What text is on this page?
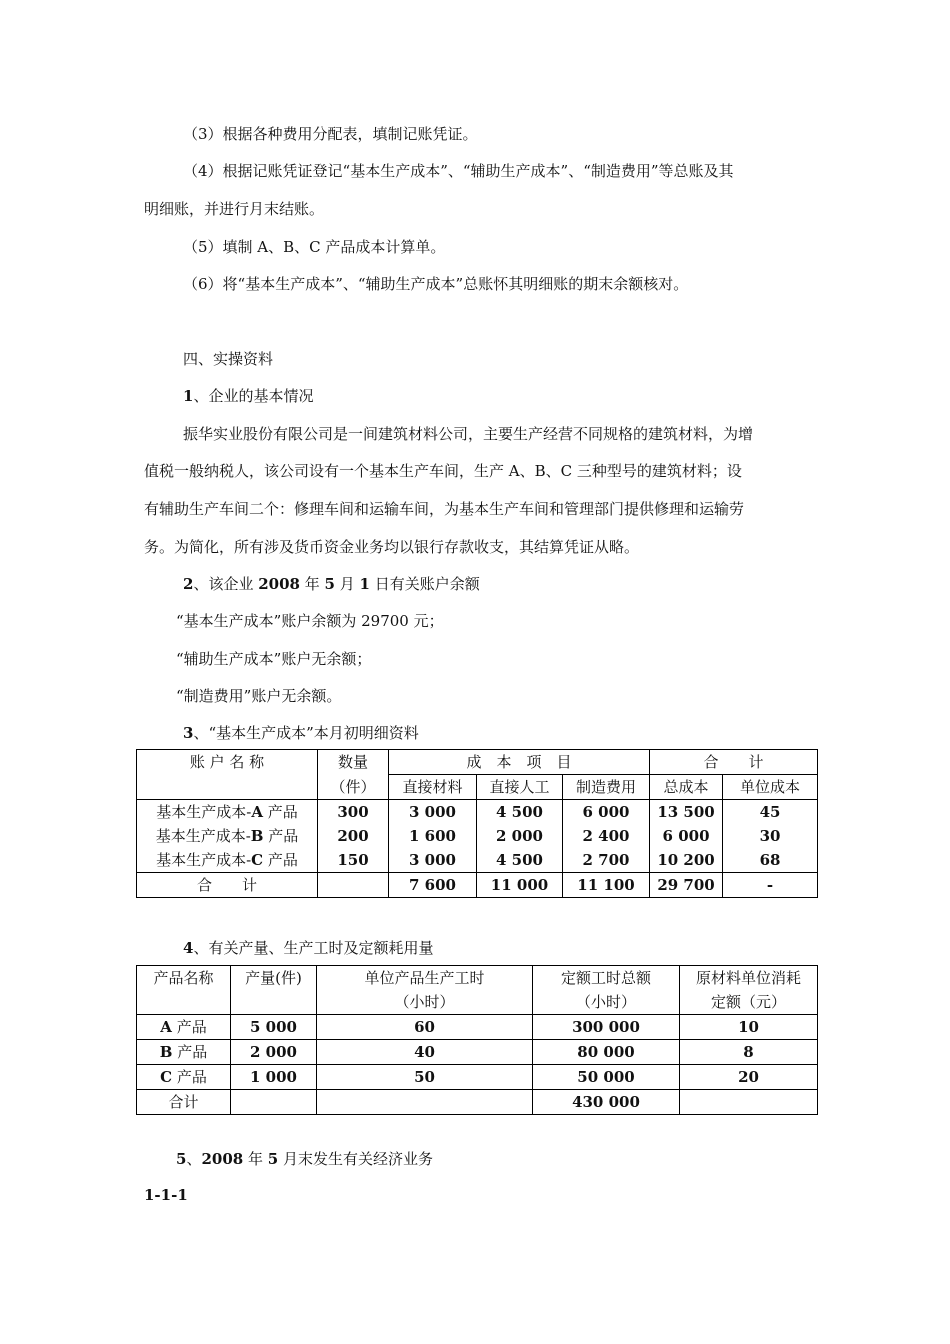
（3）根据各种费用分配表，填制记账凭证。
（4）根据记账凭证登记“基本生产成本”、“辅助生产成本”、“制造费用”等总账及其
明细账，并进行月末结账。
（5）填制 A、B、C 产品成本计算单。
（6）将“基本生产成本”、“辅助生产成本”总账怀其明细账的期末余额核对。
四、实操资料
1、企业的基本情况
振华实业股份有限公司是一间建筑材料公司，主要生产经营不同规格的建筑材料，为增
值税一般纳税人，该公司设有一个基本生产车间，生产 A、B、C 三种型号的建筑材料；设
有辅助生产车间二个：修理车间和运输车间，为基本生产车间和管理部门提供修理和运输劳
务。为简化，所有涉及货币资金业务均以银行存款收支，其结算凭证从略。
2、该企业 2008 年 5 月 1 日有关账户余额
“基本生产成本”账户余额为 29700 元；
“辅助生产成本”账户无余额；
“制造费用”账户无余额。
3、“基本生产成本”本月初明细资料
账 户 名 称	数量	成　本　项　目			合　　计	
	（件）	直接材料	直接人工	制造费用	总成本	单位成本
基本生产成本-A 产品	300	3 000	4 500	6 000	13 500	45
基本生产成本-B 产品	200	1 600	2 000	2 400	6 000	30
基本生产成本-C 产品	150	3 000	4 500	2 700	10 200	68
合　　计		7 600	11 000	11 100	29 700	-
4、有关产量、生产工时及定额耗用量
产品名称	产量(件)	单位产品生产工时	定额工时总额	原材料单位消耗
		（小时）	（小时）	定额（元）
A 产品	5 000	60	300 000	10
B 产品	2 000	40	80 000	8
C 产品	1 000	50	50 000	20
合计			430 000	
5、2008 年 5 月末发生有关经济业务
1-1-1
